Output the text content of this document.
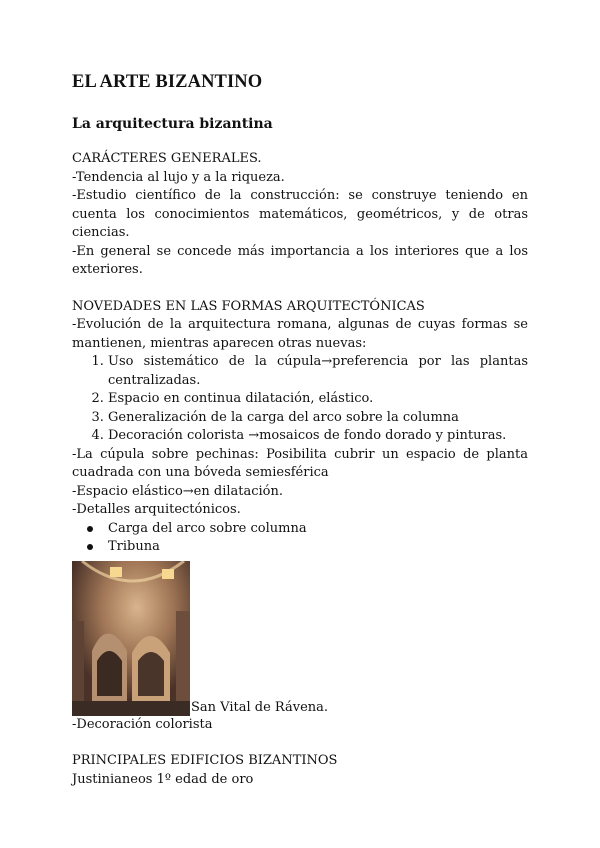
EL ARTE BIZANTINO
La arquitectura bizantina

CARÁCTERES GENERALES.

-Tendencia al lujo y a la riqueza.

-Estudio científico de la construcción: se construye teniendo en cuenta los conocimientos matemáticos, geométricos, y de otras ciencias.

-En general se concede más importancia a los interiores que a los exteriores.

NOVEDADES EN LAS FORMAS ARQUITECTÓNICAS

-Evolución de la arquitectura romana, algunas de cuyas formas se mantienen, mientras aparecen otras nuevas:

1. Uso sistemático de la cúpula→preferencia por las plantas centralizadas.
2. Espacio en continua dilatación, elástico.
3. Generalización de la carga del arco sobre la columna
4. Decoración colorista →mosaicos de fondo dorado y pinturas.

-La cúpula sobre pechinas: Posibilita cubrir un espacio de planta cuadrada con una bóveda semiesférica

-Espacio elástico→en dilatación.

-Detalles arquitectónicos.

Carga del arco sobre columna
Tribuna
San Vital de Rávena.

-Decoración colorista

PRINCIPALES EDIFICIOS BIZANTINOS

Justinianeos 1º edad de oro
